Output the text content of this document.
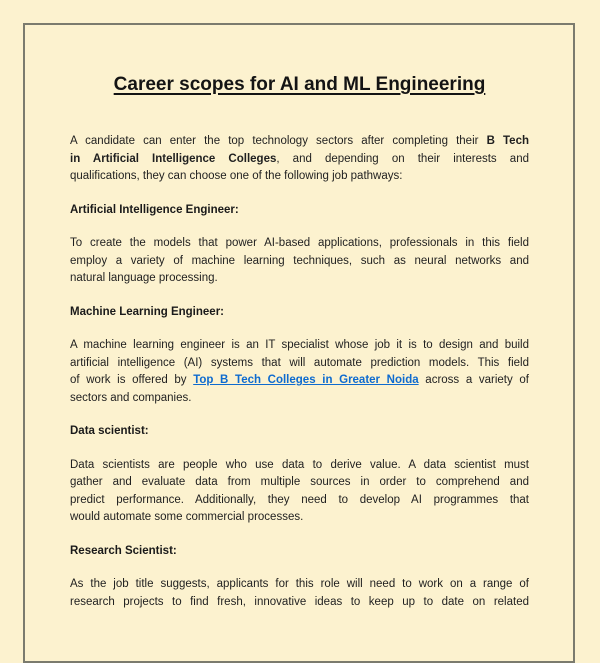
Career scopes for AI and ML Engineering
A candidate can enter the top technology sectors after completing their B Tech
in Artificial Intelligence Colleges, and depending on their interests and
qualifications, they can choose one of the following job pathways:
Artificial Intelligence Engineer:
To create the models that power AI-based applications, professionals in this field
employ a variety of machine learning techniques, such as neural networks and
natural language processing.
Machine Learning Engineer:
A machine learning engineer is an IT specialist whose job it is to design and build
artificial intelligence (AI) systems that will automate prediction models. This field
of work is offered by Top B Tech Colleges in Greater Noida across a variety of
sectors and companies.
Data scientist:
Data scientists are people who use data to derive value. A data scientist must
gather and evaluate data from multiple sources in order to comprehend and
predict performance. Additionally, they need to develop AI programmes that
would automate some commercial processes.
Research Scientist:
As the job title suggests, applicants for this role will need to work on a range of
research projects to find fresh, innovative ideas to keep up to date on related
